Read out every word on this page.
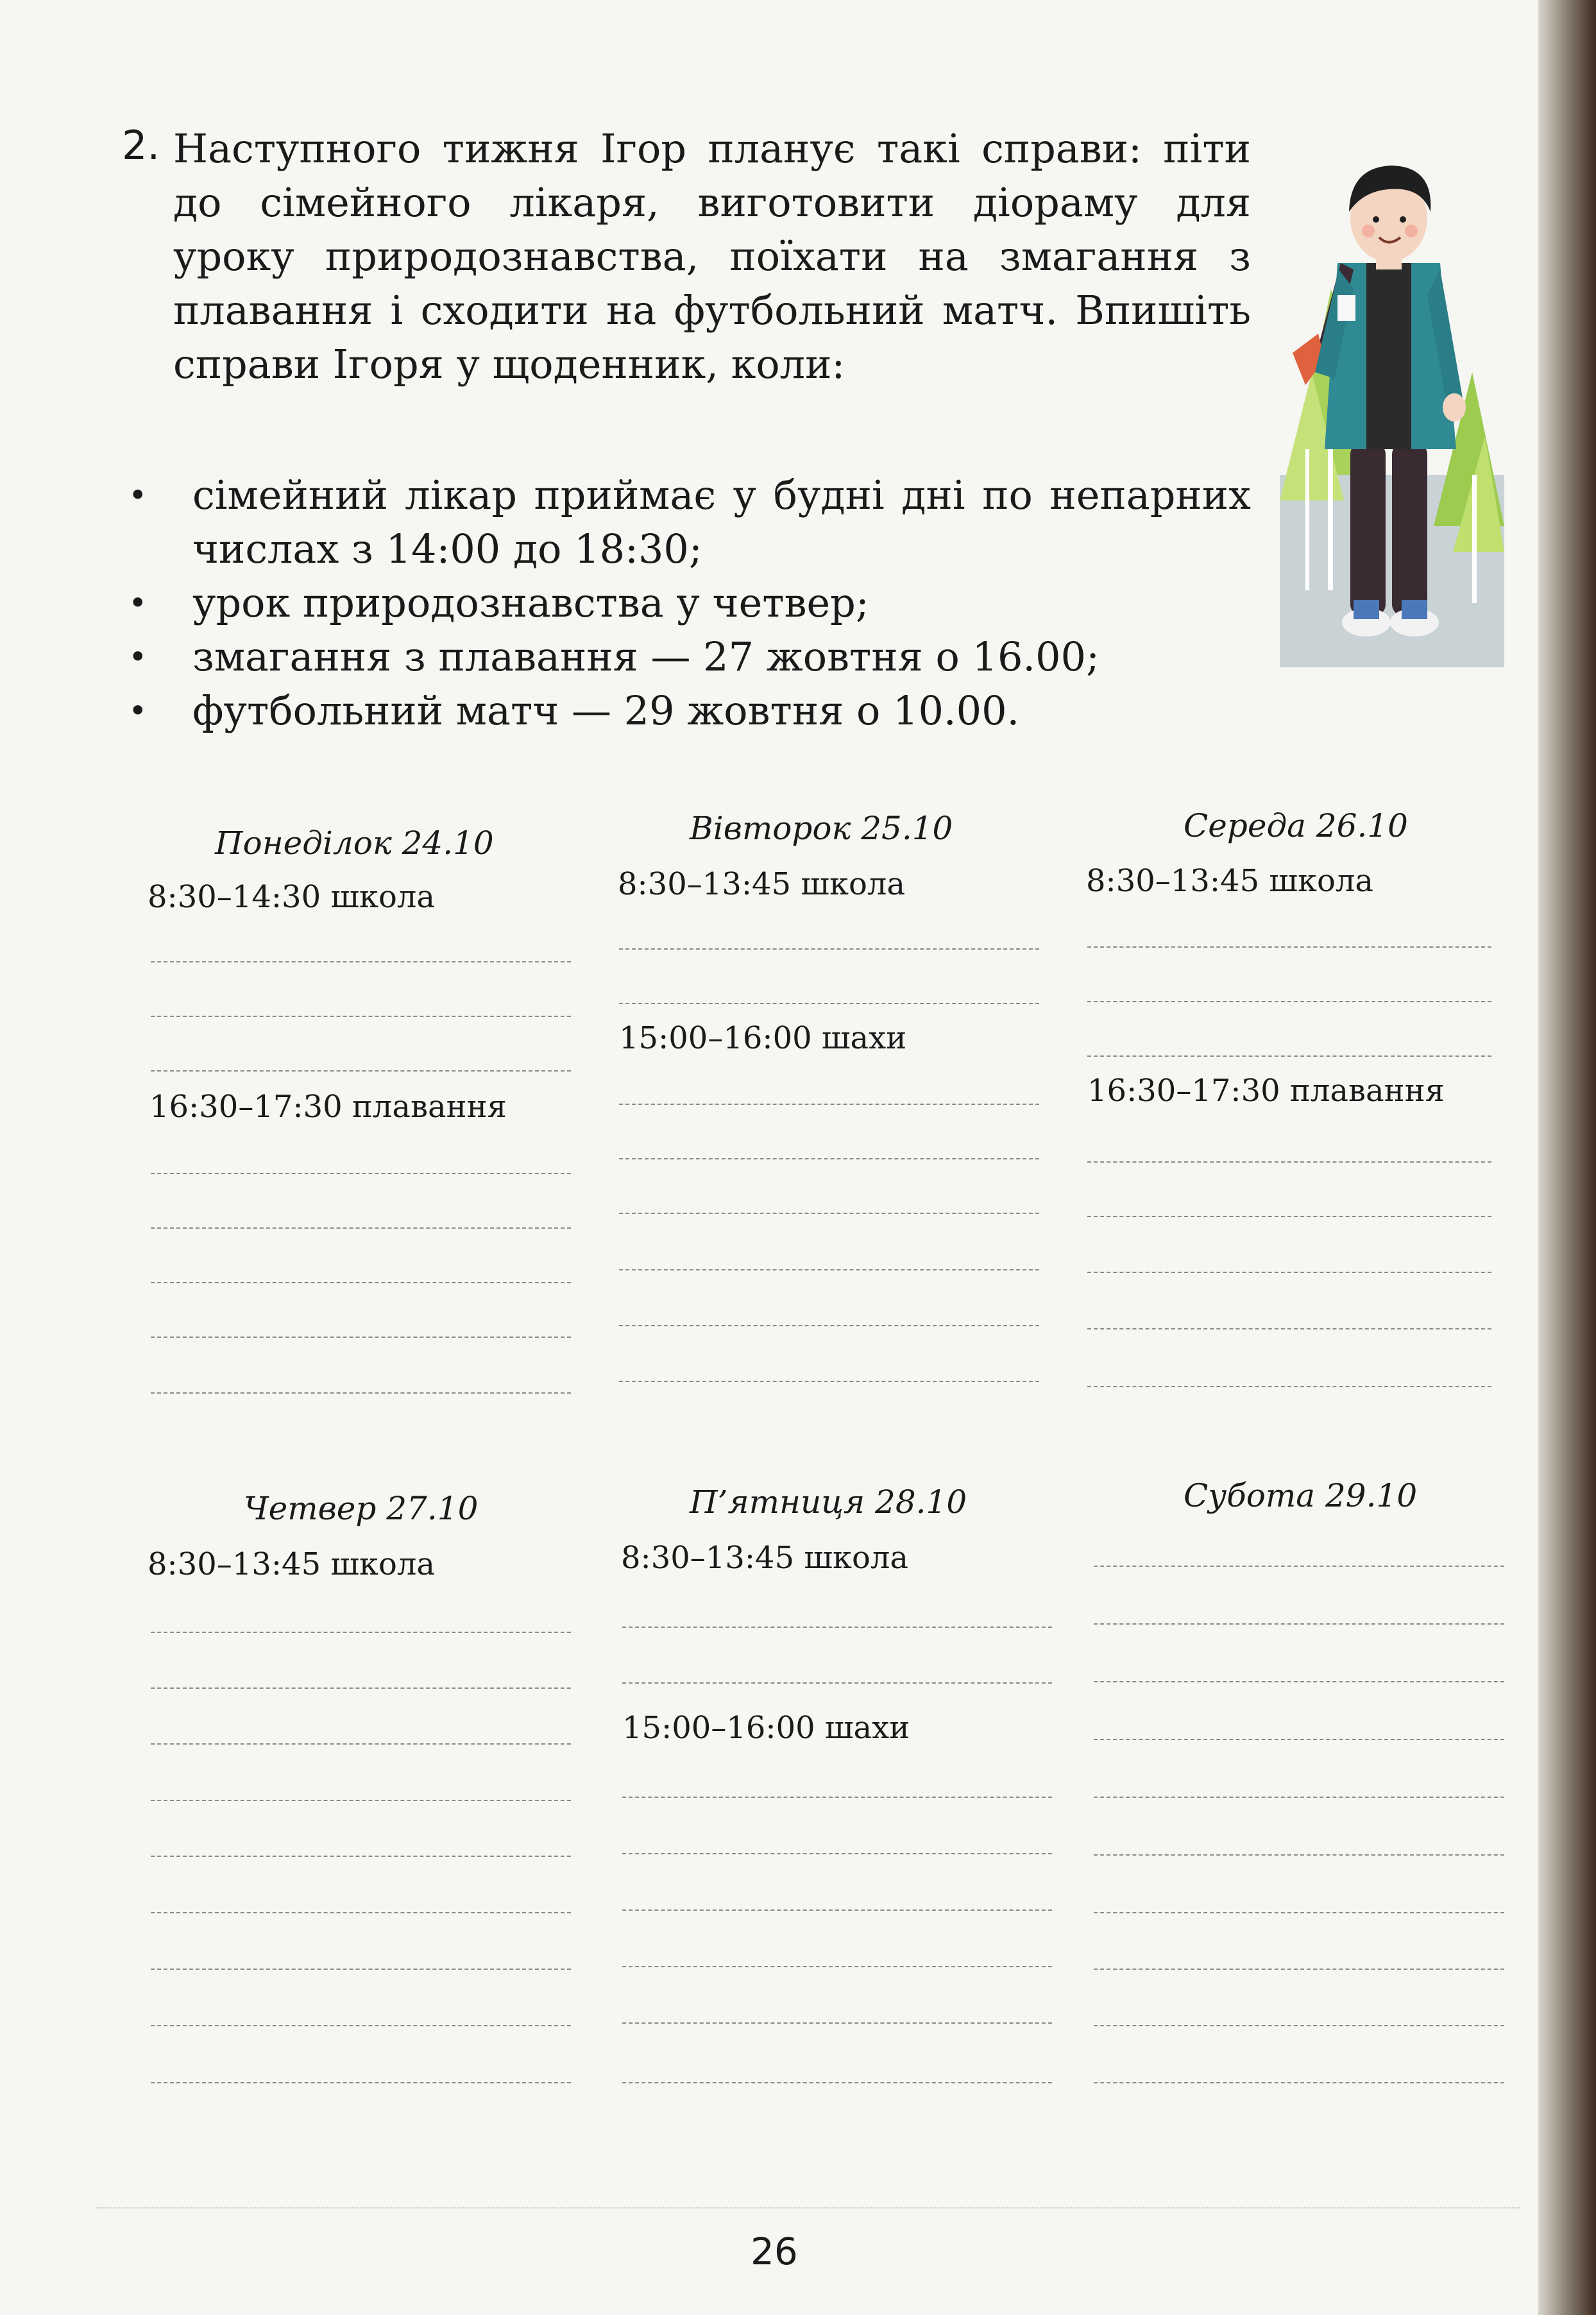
2. Наступного тижня Ігор планує такі справи: піти до сімейного лікаря, виготовити діораму для уроку природознавства, поїхати на змагання з плавання і сходити на футбольний матч. Впишіть справи Ігоря у щоденник, коли:
• сімейний лікар приймає у будні дні по непарних числах з 14:00 до 18:30;
• урок природознавства у четвер;
• змагання з плавання — 27 жовтня о 16.00;
• футбольний матч — 29 жовтня о 10.00.
Понеділок 24.10
8:30–14:30 школа
16:30–17:30 плавання
Вівторок 25.10
8:30–13:45 школа
15:00–16:00 шахи
Середа 26.10
8:30–13:45 школа
16:30–17:30 плавання
Четвер 27.10
8:30–13:45 школа
П’ятниця 28.10
8:30–13:45 школа
15:00–16:00 шахи
Субота 29.10
26
